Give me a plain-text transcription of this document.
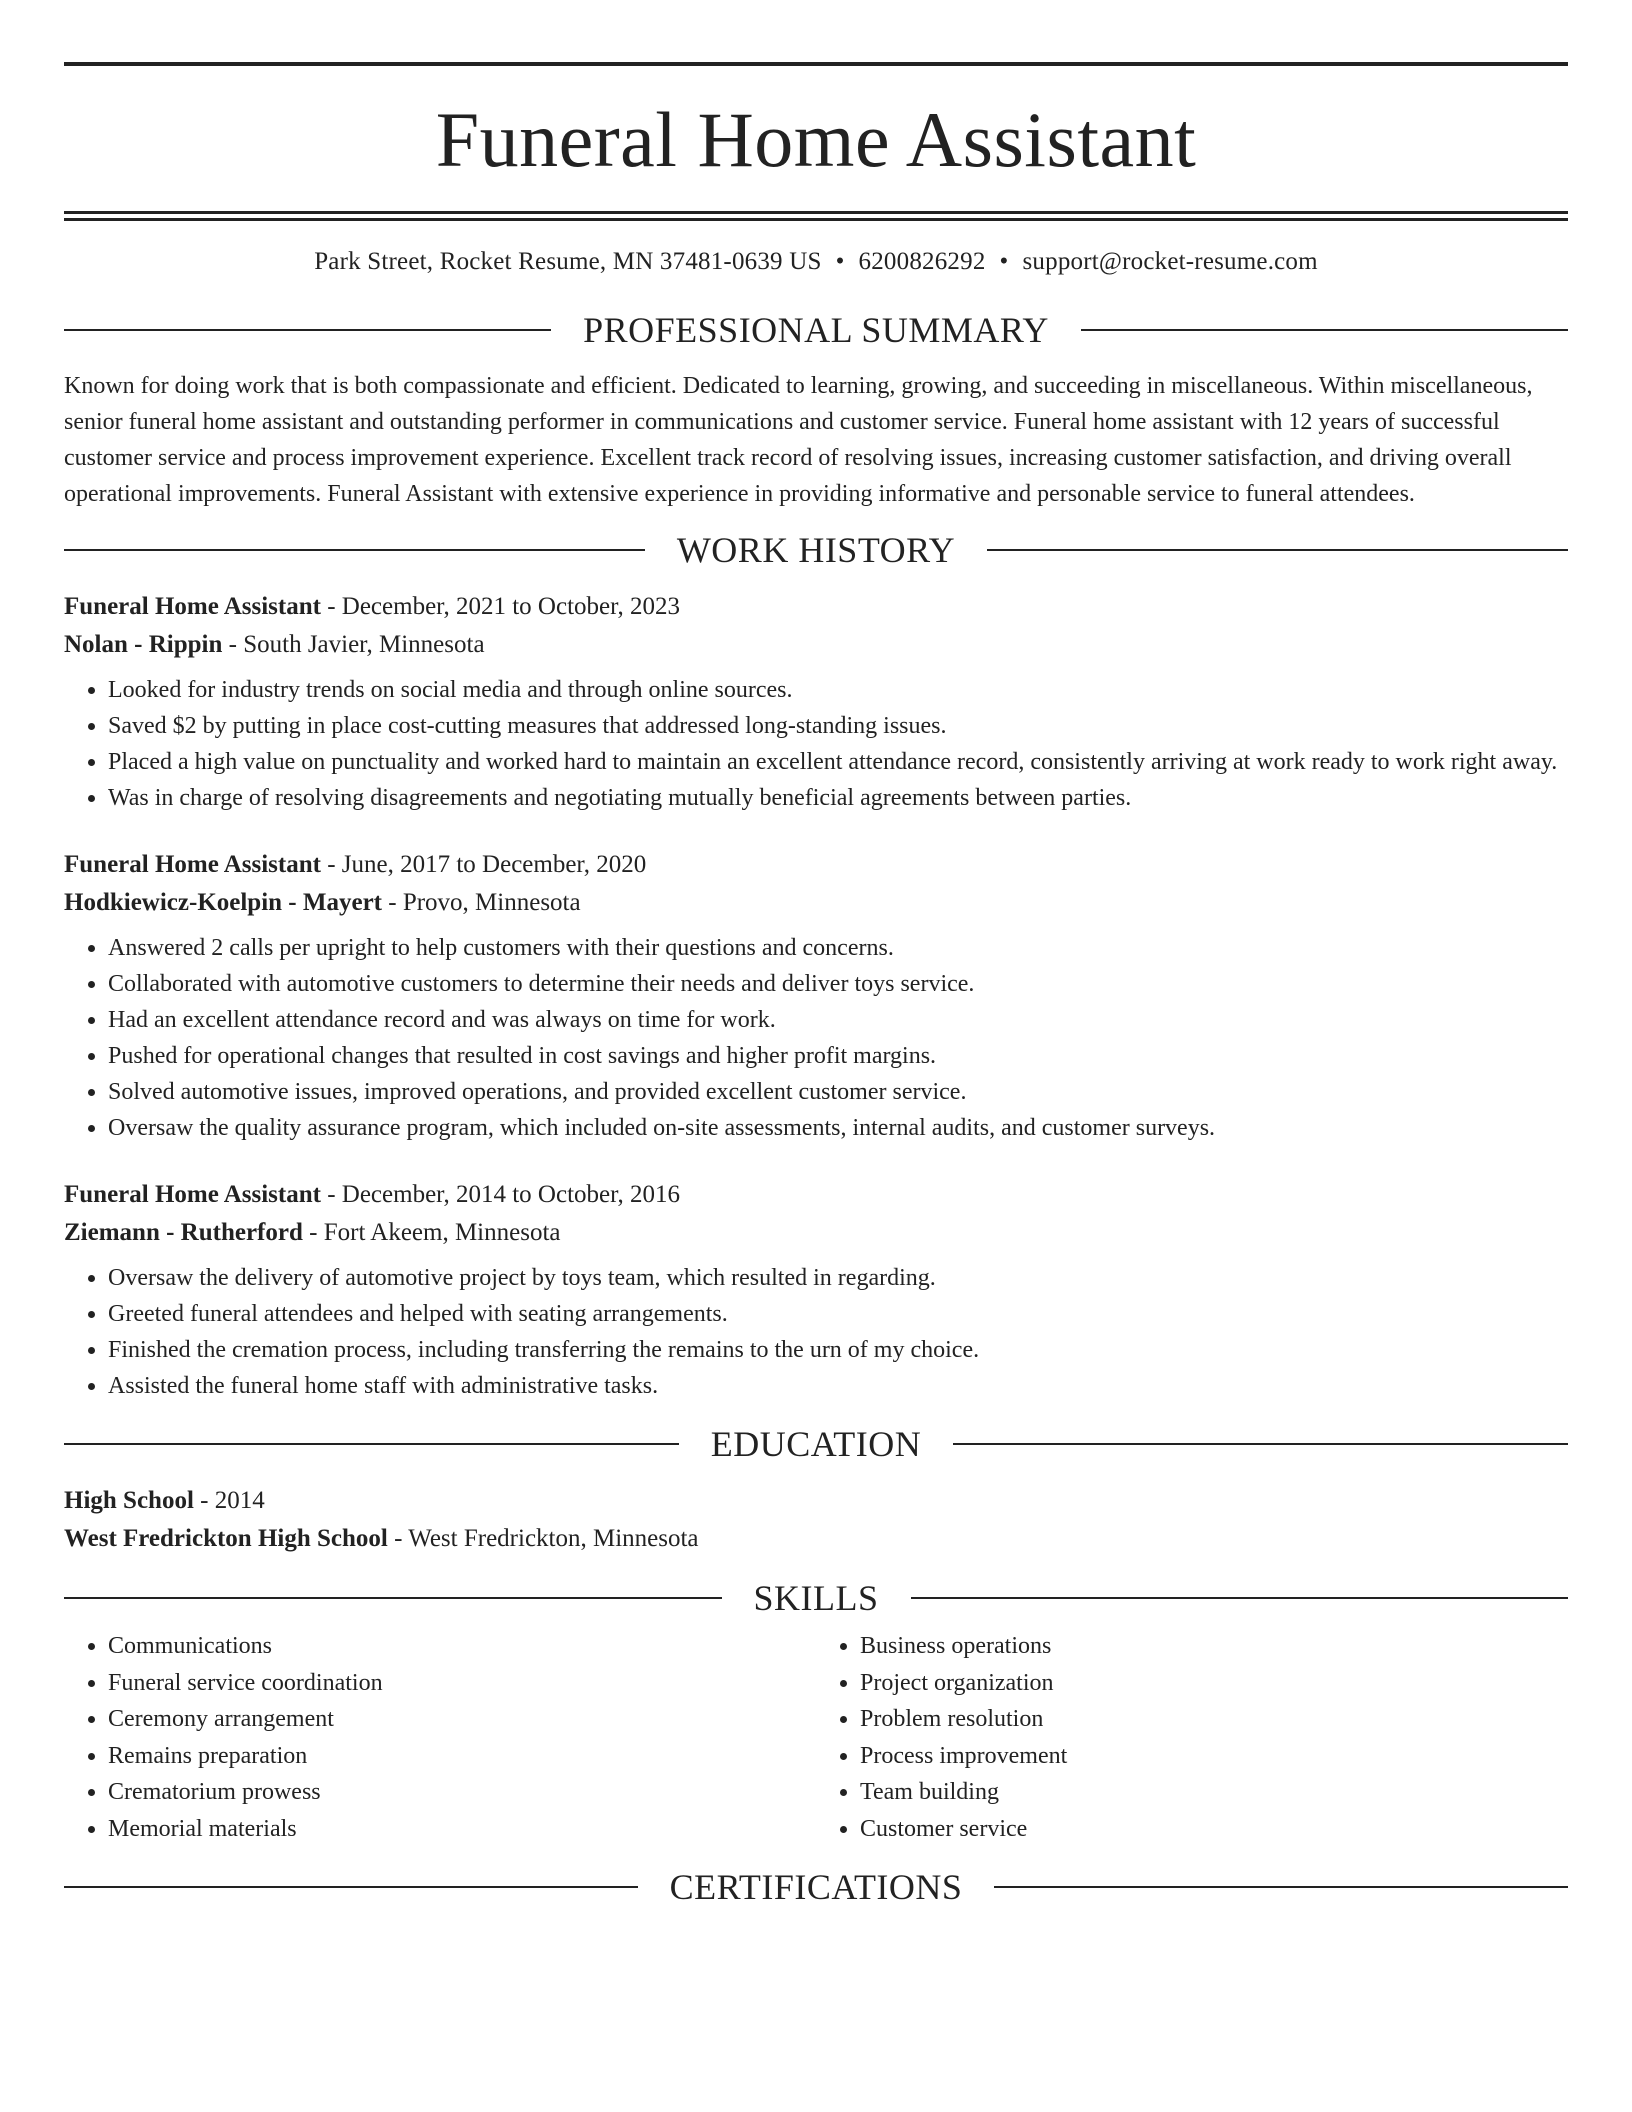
Funeral Home Assistant
Park Street, Rocket Resume, MN 37481-0639 US • 6200826292 • support@rocket-resume.com
PROFESSIONAL SUMMARY
Known for doing work that is both compassionate and efficient. Dedicated to learning, growing, and succeeding in miscellaneous. Within miscellaneous, senior funeral home assistant and outstanding performer in communications and customer service. Funeral home assistant with 12 years of successful customer service and process improvement experience. Excellent track record of resolving issues, increasing customer satisfaction, and driving overall operational improvements. Funeral Assistant with extensive experience in providing informative and personable service to funeral attendees.
WORK HISTORY
Funeral Home Assistant - December, 2021 to October, 2023
Nolan - Rippin - South Javier, Minnesota
• Looked for industry trends on social media and through online sources.
• Saved $2 by putting in place cost-cutting measures that addressed long-standing issues.
• Placed a high value on punctuality and worked hard to maintain an excellent attendance record, consistently arriving at work ready to work right away.
• Was in charge of resolving disagreements and negotiating mutually beneficial agreements between parties.
Funeral Home Assistant - June, 2017 to December, 2020
Hodkiewicz-Koelpin - Mayert - Provo, Minnesota
• Answered 2 calls per upright to help customers with their questions and concerns.
• Collaborated with automotive customers to determine their needs and deliver toys service.
• Had an excellent attendance record and was always on time for work.
• Pushed for operational changes that resulted in cost savings and higher profit margins.
• Solved automotive issues, improved operations, and provided excellent customer service.
• Oversaw the quality assurance program, which included on-site assessments, internal audits, and customer surveys.
Funeral Home Assistant - December, 2014 to October, 2016
Ziemann - Rutherford - Fort Akeem, Minnesota
• Oversaw the delivery of automotive project by toys team, which resulted in regarding.
• Greeted funeral attendees and helped with seating arrangements.
• Finished the cremation process, including transferring the remains to the urn of my choice.
• Assisted the funeral home staff with administrative tasks.
EDUCATION
High School - 2014
West Fredrickton High School - West Fredrickton, Minnesota
SKILLS
• Communications
• Funeral service coordination
• Ceremony arrangement
• Remains preparation
• Crematorium prowess
• Memorial materials
• Business operations
• Project organization
• Problem resolution
• Process improvement
• Team building
• Customer service
CERTIFICATIONS
